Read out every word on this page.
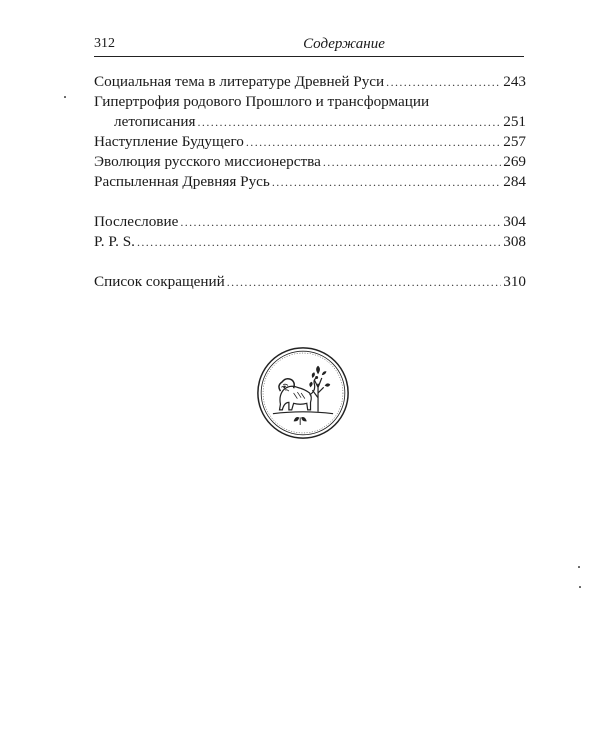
312	Содержание
Социальная тема в литературе Древней Руси .....	243
Гипертрофия родового Прошлого и трансформации
летописания .....	251
Наступление Будущего .....	257
Эволюция русского миссионерства .....	269
Распыленная Древняя Русь .....	284
Послесловие .....	304
P. P. S. .....	308
Список сокращений .....	310
